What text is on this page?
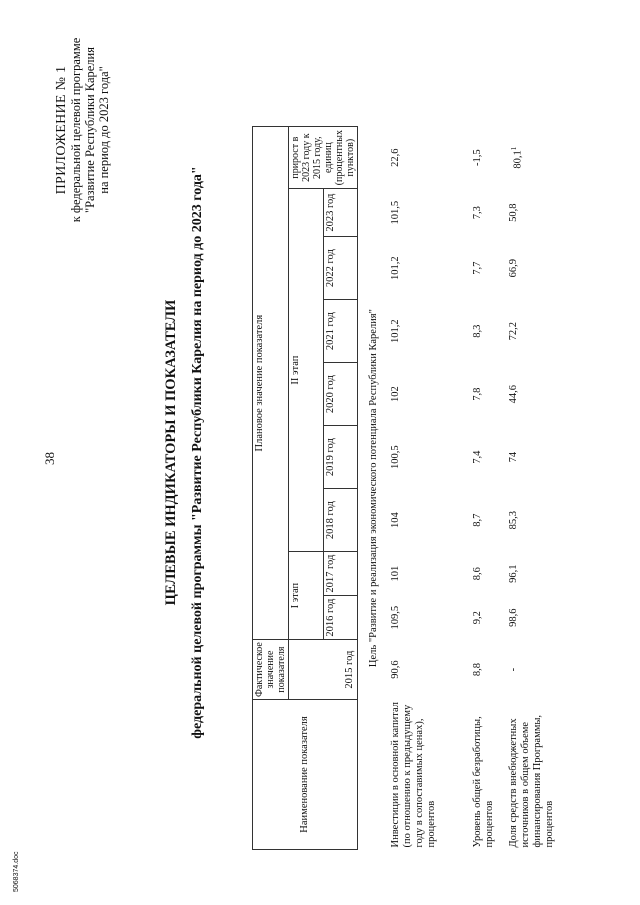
38
ПРИЛОЖЕНИЕ № 1 к федеральной целевой программе "Развитие Республики Карелия на период до 2023 года"
ЦЕЛЕВЫЕ ИНДИКАТОРЫ И ПОКАЗАТЕЛИ федеральной целевой программы "Развитие Республики Карелия на период до 2023 года"
Наименование показателя	Фактическое значение показателя	Плановое значение показателя								
	2015 год	I этап		II этап						прирост в 2023 году к 2015 году, единиц (процентных пунктов)
		2016 год	2017 год	2018 год	2019 год	2020 год	2021 год	2022 год	2023 год	
Цель "Развитие и реализация экономического потенциала Республики Карелия"										
Инвестиции в основной капитал (по отношению к предыдущему году в сопоставимых ценах), процентов	90,6	109,5	101	104	100,5	102	101,2	101,2	101,5	22,6
Уровень общей безработицы, процентов	8,8	9,2	8,6	8,7	7,4	7,8	8,3	7,7	7,3	-1,5
Доля средств внебюджетных источников в общем объеме финансирования Программы, процентов	-	98,6	96,1	85,3	74	44,6	72,2	66,9	50,8	80,1$^1$
5068374.doc
